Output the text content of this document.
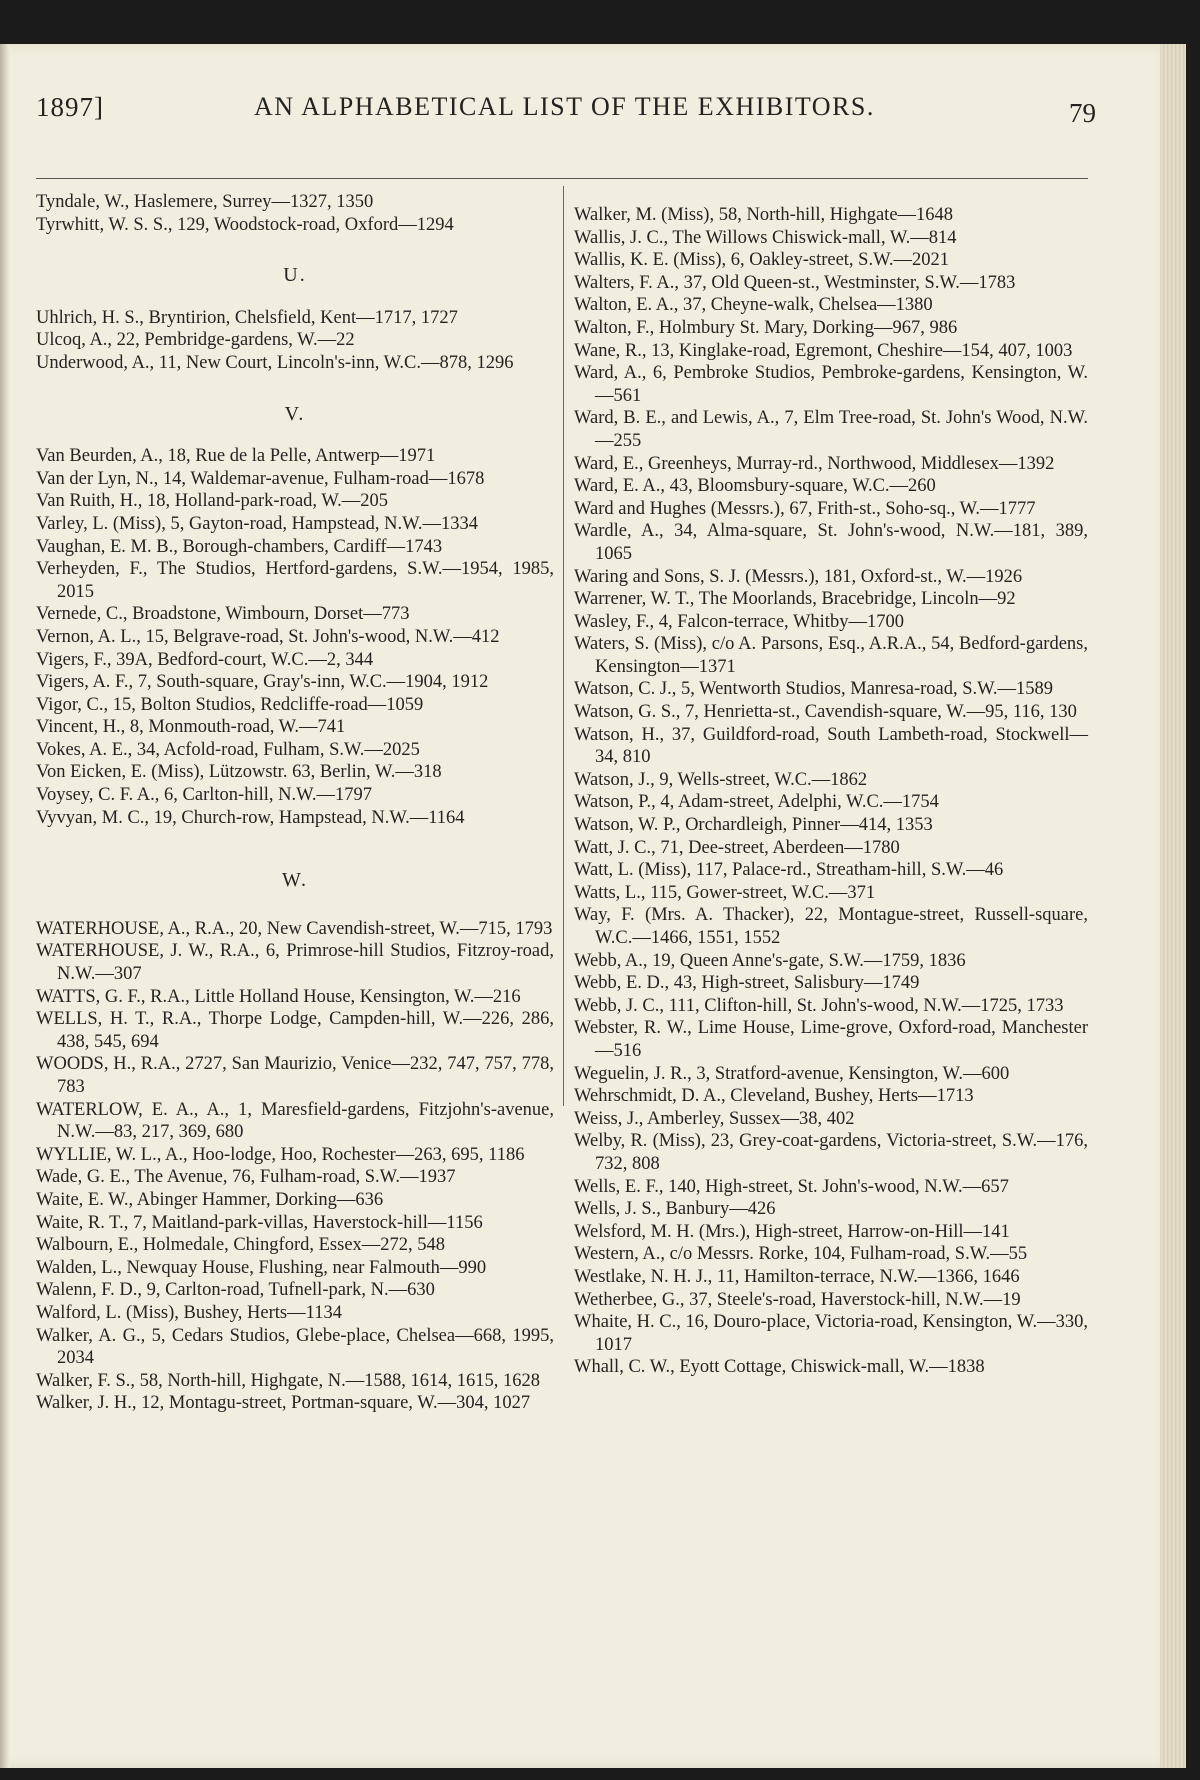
1897]	AN ALPHABETICAL LIST OF THE EXHIBITORS.	79
Tyndale, W., Haslemere, Surrey—1327, 1350
Tyrwhitt, W. S. S., 129, Woodstock-road, Oxford—1294
U.
Uhlrich, H. S., Bryntirion, Chelsfield, Kent—1717, 1727
Ulcoq, A., 22, Pembridge-gardens, W.—22
Underwood, A., 11, New Court, Lincoln's-inn, W.C.—878, 1296
V.
Van Beurden, A., 18, Rue de la Pelle, Antwerp—1971
Van der Lyn, N., 14, Waldemar-avenue, Fulham-road—1678
Van Ruith, H., 18, Holland-park-road, W.—205
Varley, L. (Miss), 5, Gayton-road, Hampstead, N.W.—1334
Vaughan, E. M. B., Borough-chambers, Cardiff—1743
Verheyden, F., The Studios, Hertford-gardens, S.W.—1954, 1985, 2015
Vernede, C., Broadstone, Wimbourn, Dorset—773
Vernon, A. L., 15, Belgrave-road, St. John's-wood, N.W.—412
Vigers, F., 39A, Bedford-court, W.C.—2, 344
Vigers, A. F., 7, South-square, Gray's-inn, W.C.—1904, 1912
Vigor, C., 15, Bolton Studios, Redcliffe-road—1059
Vincent, H., 8, Monmouth-road, W.—741
Vokes, A. E., 34, Acfold-road, Fulham, S.W.—2025
Von Eicken, E. (Miss), Lützowstr. 63, Berlin, W.—318
Voysey, C. F. A., 6, Carlton-hill, N.W.—1797
Vyvyan, M. C., 19, Church-row, Hampstead, N.W.—1164
W.
WATERHOUSE, A., R.A., 20, New Cavendish-street, W.—715, 1793
WATERHOUSE, J. W., R.A., 6, Primrose-hill Studios, Fitzroy-road, N.W.—307
WATTS, G. F., R.A., Little Holland House, Kensington, W.—216
WELLS, H. T., R.A., Thorpe Lodge, Campden-hill, W.—226, 286, 438, 545, 694
WOODS, H., R.A., 2727, San Maurizio, Venice—232, 747, 757, 778, 783
WATERLOW, E. A., A., 1, Maresfield-gardens, Fitzjohn's-avenue, N.W.—83, 217, 369, 680
WYLLIE, W. L., A., Hoo-lodge, Hoo, Rochester—263, 695, 1186
Wade, G. E., The Avenue, 76, Fulham-road, S.W.—1937
Waite, E. W., Abinger Hammer, Dorking—636
Waite, R. T., 7, Maitland-park-villas, Haverstock-hill—1156
Walbourn, E., Holmedale, Chingford, Essex—272, 548
Walden, L., Newquay House, Flushing, near Falmouth—990
Walenn, F. D., 9, Carlton-road, Tufnell-park, N.—630
Walford, L. (Miss), Bushey, Herts—1134
Walker, A. G., 5, Cedars Studios, Glebe-place, Chelsea—668, 1995, 2034
Walker, F. S., 58, North-hill, Highgate, N.—1588, 1614, 1615, 1628
Walker, J. H., 12, Montagu-street, Portman-square, W.—304, 1027
Walker, M. (Miss), 58, North-hill, Highgate—1648
Wallis, J. C., The Willows Chiswick-mall, W.—814
Wallis, K. E. (Miss), 6, Oakley-street, S.W.—2021
Walters, F. A., 37, Old Queen-st., Westminster, S.W.—1783
Walton, E. A., 37, Cheyne-walk, Chelsea—1380
Walton, F., Holmbury St. Mary, Dorking—967, 986
Wane, R., 13, Kinglake-road, Egremont, Cheshire—154, 407, 1003
Ward, A., 6, Pembroke Studios, Pembroke-gardens, Kensington, W.—561
Ward, B. E., and Lewis, A., 7, Elm Tree-road, St. John's Wood, N.W.—255
Ward, E., Greenheys, Murray-rd., Northwood, Middlesex—1392
Ward, E. A., 43, Bloomsbury-square, W.C.—260
Ward and Hughes (Messrs.), 67, Frith-st., Soho-sq., W.—1777
Wardle, A., 34, Alma-square, St. John's-wood, N.W.—181, 389, 1065
Waring and Sons, S. J. (Messrs.), 181, Oxford-st., W.—1926
Warrener, W. T., The Moorlands, Bracebridge, Lincoln—92
Wasley, F., 4, Falcon-terrace, Whitby—1700
Waters, S. (Miss), c/o A. Parsons, Esq., A.R.A., 54, Bedford-gardens, Kensington—1371
Watson, C. J., 5, Wentworth Studios, Manresa-road, S.W.—1589
Watson, G. S., 7, Henrietta-st., Cavendish-square, W.—95, 116, 130
Watson, H., 37, Guildford-road, South Lambeth-road, Stockwell—34, 810
Watson, J., 9, Wells-street, W.C.—1862
Watson, P., 4, Adam-street, Adelphi, W.C.—1754
Watson, W. P., Orchardleigh, Pinner—414, 1353
Watt, J. C., 71, Dee-street, Aberdeen—1780
Watt, L. (Miss), 117, Palace-rd., Streatham-hill, S.W.—46
Watts, L., 115, Gower-street, W.C.—371
Way, F. (Mrs. A. Thacker), 22, Montague-street, Russell-square, W.C.—1466, 1551, 1552
Webb, A., 19, Queen Anne's-gate, S.W.—1759, 1836
Webb, E. D., 43, High-street, Salisbury—1749
Webb, J. C., 111, Clifton-hill, St. John's-wood, N.W.—1725, 1733
Webster, R. W., Lime House, Lime-grove, Oxford-road, Manchester—516
Weguelin, J. R., 3, Stratford-avenue, Kensington, W.—600
Wehrschmidt, D. A., Cleveland, Bushey, Herts—1713
Weiss, J., Amberley, Sussex—38, 402
Welby, R. (Miss), 23, Grey-coat-gardens, Victoria-street, S.W.—176, 732, 808
Wells, E. F., 140, High-street, St. John's-wood, N.W.—657
Wells, J. S., Banbury—426
Welsford, M. H. (Mrs.), High-street, Harrow-on-Hill—141
Western, A., c/o Messrs. Rorke, 104, Fulham-road, S.W.—55
Westlake, N. H. J., 11, Hamilton-terrace, N.W.—1366, 1646
Wetherbee, G., 37, Steele's-road, Haverstock-hill, N.W.—19
Whaite, H. C., 16, Douro-place, Victoria-road, Kensington, W.—330, 1017
Whall, C. W., Eyott Cottage, Chiswick-mall, W.—1838
